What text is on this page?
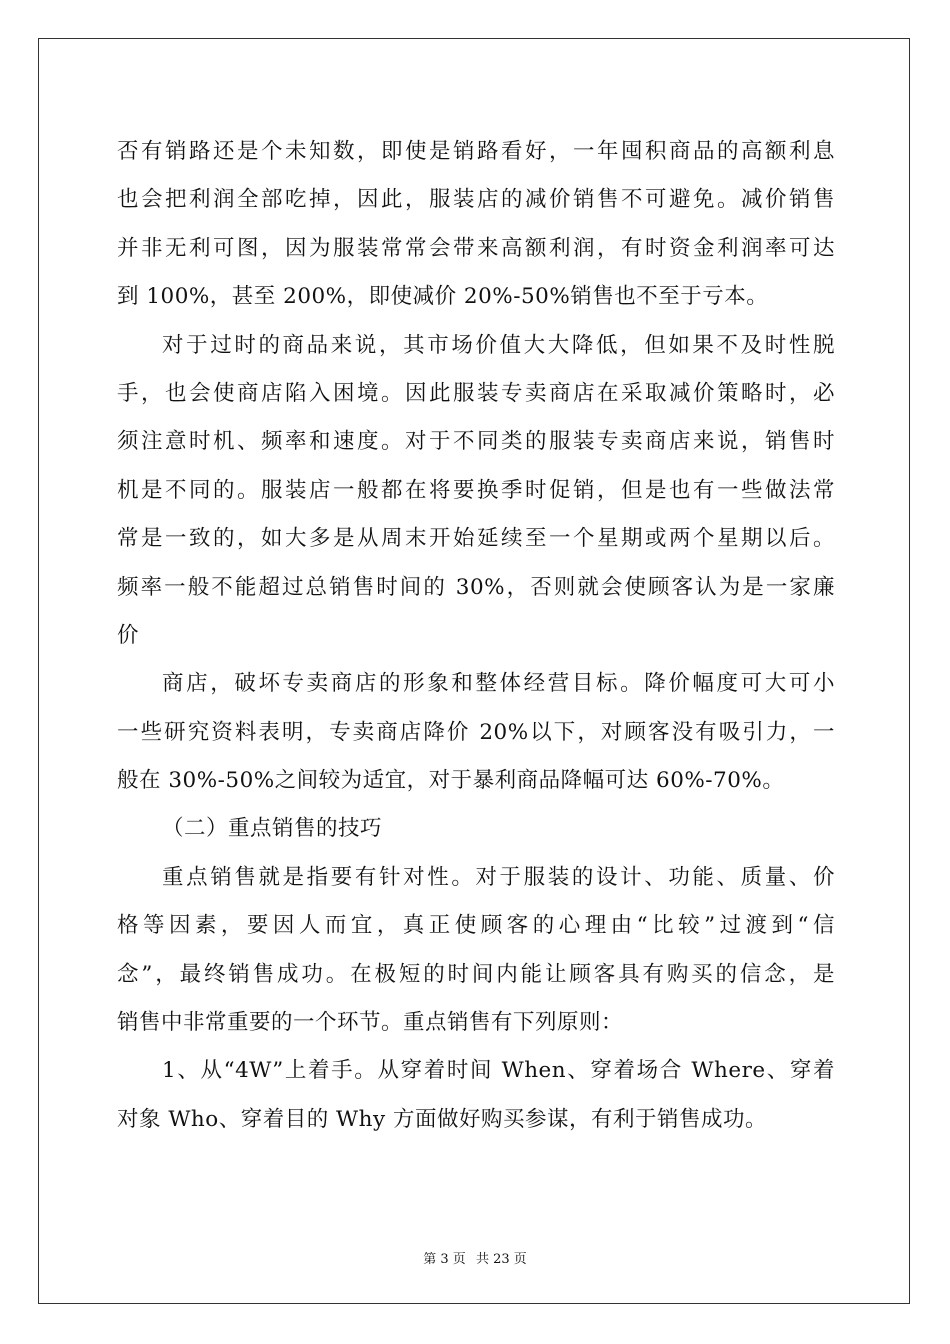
否有销路还是个未知数，即使是销路看好，一年囤积商品的高额利息
也会把利润全部吃掉，因此，服装店的减价销售不可避免。减价销售
并非无利可图，因为服装常常会带来高额利润，有时资金利润率可达
到 100%，甚至 200%，即使减价 20%-50%销售也不至于亏本。
对于过时的商品来说，其市场价值大大降低，但如果不及时性脱
手，也会使商店陷入困境。因此服装专卖商店在采取减价策略时，必
须注意时机、频率和速度。对于不同类的服装专卖商店来说，销售时
机是不同的。服装店一般都在将要换季时促销，但是也有一些做法常
常是一致的，如大多是从周末开始延续至一个星期或两个星期以后。
频率一般不能超过总销售时间的 30%，否则就会使顾客认为是一家廉
价
商店，破坏专卖商店的形象和整体经营目标。降价幅度可大可小
一些研究资料表明，专卖商店降价 20%以下，对顾客没有吸引力，一
般在 30%-50%之间较为适宜，对于暴利商品降幅可达 60%-70%。
（二）重点销售的技巧
重点销售就是指要有针对性。对于服装的设计、功能、质量、价
格等因素，要因人而宜，真正使顾客的心理由“比较”过渡到“信
念”，最终销售成功。在极短的时间内能让顾客具有购买的信念，是
销售中非常重要的一个环节。重点销售有下列原则：
1、从“4W”上着手。从穿着时间 When、穿着场合 Where、穿着
对象 Who、穿着目的 Why 方面做好购买参谋，有利于销售成功。
第 3 页 共 23 页
